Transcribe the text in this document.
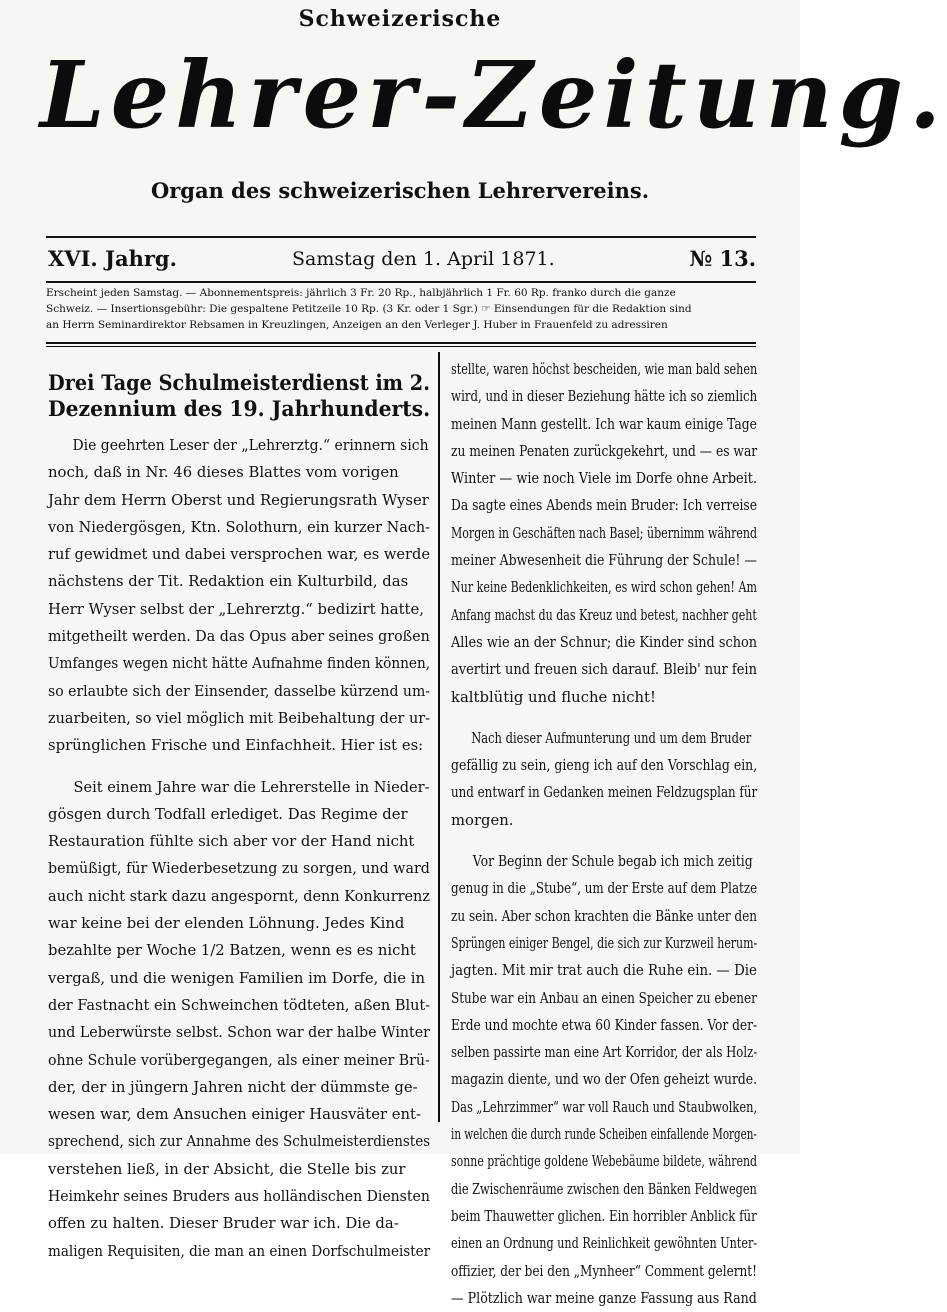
Schweizerische
Lehrer-Zeitung.
Organ des schweizerischen Lehrervereins.
XVI. Jahrg.	Samstag den 1. April 1871.	№ 13.
Erscheint jeden Samstag. — Abonnementspreis: jährlich 3 Fr. 20 Rp., halbjährlich 1 Fr. 60 Rp. franko durch die ganze
Schweiz. — Insertionsgebühr: Die gespaltene Petitzeile 10 Rp. (3 Kr. oder 1 Sgr.) ☞ Einsendungen für die Redaktion sind
an Herrn Seminardirektor Rebsamen in Kreuzlingen, Anzeigen an den Verleger J. Huber in Frauenfeld zu adressiren
Drei Tage Schulmeisterdienst im 2.
Dezennium des 19. Jahrhunderts.
Die geehrten Leser der „Lehrerztg.“ erinnern sich
noch, daß in Nr. 46 dieses Blattes vom vorigen
Jahr dem Herrn Oberst und Regierungsrath Wyser
von Niedergösgen, Ktn. Solothurn, ein kurzer Nach-
ruf gewidmet und dabei versprochen war, es werde
nächstens der Tit. Redaktion ein Kulturbild, das
Herr Wyser selbst der „Lehrerztg.“ bedizirt hatte,
mitgetheilt werden. Da das Opus aber seines großen
Umfanges wegen nicht hätte Aufnahme finden können,
so erlaubte sich der Einsender, dasselbe kürzend um-
zuarbeiten, so viel möglich mit Beibehaltung der ur-
sprünglichen Frische und Einfachheit. Hier ist es:
Seit einem Jahre war die Lehrerstelle in Nieder-
gösgen durch Todfall erlediget. Das Regime der
Restauration fühlte sich aber vor der Hand nicht
bemüßigt, für Wiederbesetzung zu sorgen, und ward
auch nicht stark dazu angespornt, denn Konkurrenz
war keine bei der elenden Löhnung. Jedes Kind
bezahlte per Woche 1/2 Batzen, wenn es es nicht
vergaß, und die wenigen Familien im Dorfe, die in
der Fastnacht ein Schweinchen tödteten, aßen Blut-
und Leberwürste selbst. Schon war der halbe Winter
ohne Schule vorübergegangen, als einer meiner Brü-
der, der in jüngern Jahren nicht der dümmste ge-
wesen war, dem Ansuchen einiger Hausväter ent-
sprechend, sich zur Annahme des Schulmeisterdienstes
verstehen ließ, in der Absicht, die Stelle bis zur
Heimkehr seines Bruders aus holländischen Diensten
offen zu halten. Dieser Bruder war ich. Die da-
maligen Requisiten, die man an einen Dorfschulmeister
stellte, waren höchst bescheiden, wie man bald sehen
wird, und in dieser Beziehung hätte ich so ziemlich
meinen Mann gestellt. Ich war kaum einige Tage
zu meinen Penaten zurückgekehrt, und — es war
Winter — wie noch Viele im Dorfe ohne Arbeit.
Da sagte eines Abends mein Bruder: Ich verreise
Morgen in Geschäften nach Basel; übernimm während
meiner Abwesenheit die Führung der Schule! —
Nur keine Bedenklichkeiten, es wird schon gehen! Am
Anfang machst du das Kreuz und betest, nachher geht
Alles wie an der Schnur; die Kinder sind schon
avertirt und freuen sich darauf. Bleib' nur fein
kaltblütig und fluche nicht!
Nach dieser Aufmunterung und um dem Bruder
gefällig zu sein, gieng ich auf den Vorschlag ein,
und entwarf in Gedanken meinen Feldzugsplan für
morgen.
Vor Beginn der Schule begab ich mich zeitig
genug in die „Stube“, um der Erste auf dem Platze
zu sein. Aber schon krachten die Bänke unter den
Sprüngen einiger Bengel, die sich zur Kurzweil herum-
jagten. Mit mir trat auch die Ruhe ein. — Die
Stube war ein Anbau an einen Speicher zu ebener
Erde und mochte etwa 60 Kinder fassen. Vor der-
selben passirte man eine Art Korridor, der als Holz-
magazin diente, und wo der Ofen geheizt wurde.
Das „Lehrzimmer“ war voll Rauch und Staubwolken,
in welchen die durch runde Scheiben einfallende Morgen-
sonne prächtige goldene Webebäume bildete, während
die Zwischenräume zwischen den Bänken Feldwegen
beim Thauwetter glichen. Ein horribler Anblick für
einen an Ordnung und Reinlichkeit gewöhnten Unter-
offizier, der bei den „Mynheer“ Comment gelernt!
— Plötzlich war meine ganze Fassung aus Rand
